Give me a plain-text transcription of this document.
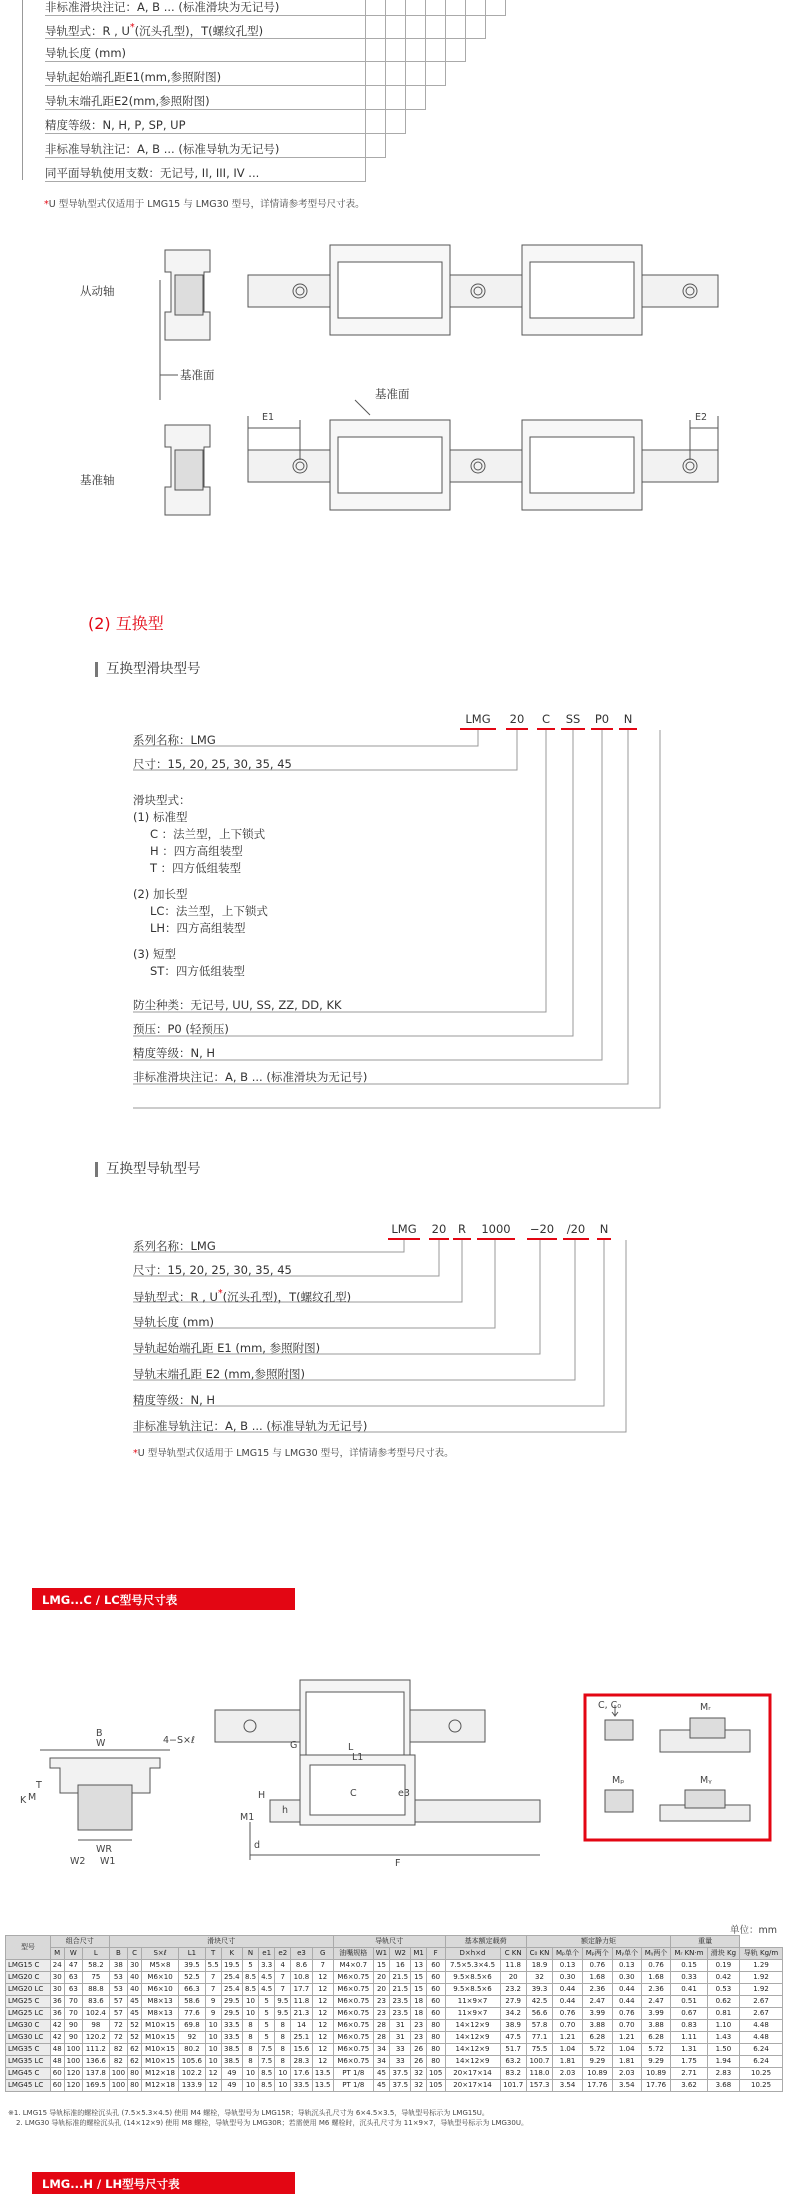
非标准滑块注记：A, B ... (标准滑块为无记号)
导轨型式：R , U*(沉头孔型)，T(螺纹孔型)
导轨长度 (mm)
导轨起始端孔距E1(mm,参照附图)
导轨末端孔距E2(mm,参照附图)
精度等级：N, H, P, SP, UP
非标准导轨注记：A, B ... (标准导轨为无记号)
同平面导轨使用支数：无记号, II, III, IV ...
*U 型导轨型式仅适用于 LMG15 与 LMG30 型号，详情请参考型号尺寸表。
从动轴
基准面
基准面
基准轴
E1	E2
(2) 互换型
互换型滑块型号
LMG	20	C	SS	P0	N
系列名称：LMG
尺寸：15, 20, 25, 30, 35, 45
滑块型式：
(1) 标准型
C ：法兰型，上下锁式
H ：四方高组装型
T ：四方低组装型
(2) 加长型
LC：法兰型，上下锁式
LH：四方高组装型
(3) 短型
ST：四方低组装型
防尘种类：无记号, UU, SS, ZZ, DD, KK
预压：P0 (轻预压)
精度等级：N, H
非标准滑块注记：A, B ... (标准滑块为无记号)
互换型导轨型号
LMG	20	R	1000	−20	/20	N
系列名称：LMG
尺寸：15, 20, 25, 30, 35, 45
导轨型式：R , U*(沉头孔型)，T(螺纹孔型)
导轨长度 (mm)
导轨起始端孔距 E1 (mm, 参照附图)
导轨末端孔距 E2 (mm,参照附图)
精度等级：N, H
非标准导轨注记：A, B ... (标准导轨为无记号)
*U 型导轨型式仅适用于 LMG15 与 LMG30 型号，详情请参考型号尺寸表。
LMG...C / LC型号尺寸表
B
W
WR
W2 W1
K
T
M
4−S×ℓ	G	L
L1
C	e3
H
h
M1
d
F
C, C₀	Mᵣ
Mₚ	Mᵧ
单位：mm
型号	组合尺寸			滑块尺寸											导轨尺寸					基本额定载荷		额定静力矩					重量		
	M	W	L	B	C	S×ℓ	L1	T	K	N	e1	e2	e3	G	油嘴规格	W1	W2	M1	F	D×h×d	C KN	C₀ KN	Mₚ单个	Mₚ两个	Mᵧ单个	Mᵧ两个	Mᵣ KN·m	滑块 Kg	导轨 Kg/m
LMG15 C	24	47	58.2	38	30	M5×8	39.5	5.5	19.5	5	3.3	4	8.6	7	M4×0.7	15	16	13	60	7.5×5.3×4.5	11.8	18.9	0.13	0.76	0.13	0.76	0.15	0.19	1.29
LMG20 C	30	63	75	53	40	M6×10	52.5	7	25.4	8.5	4.5	7	10.8	12	M6×0.75	20	21.5	15	60	9.5×8.5×6	20	32	0.30	1.68	0.30	1.68	0.33	0.42	1.92
LMG20 LC	30	63	88.8	53	40	M6×10	66.3	7	25.4	8.5	4.5	7	17.7	12	M6×0.75	20	21.5	15	60	9.5×8.5×6	23.2	39.3	0.44	2.36	0.44	2.36	0.41	0.53	1.92
LMG25 C	36	70	83.6	57	45	M8×13	58.6	9	29.5	10	5	9.5	11.8	12	M6×0.75	23	23.5	18	60	11×9×7	27.9	42.5	0.44	2.47	0.44	2.47	0.51	0.62	2.67
LMG25 LC	36	70	102.4	57	45	M8×13	77.6	9	29.5	10	5	9.5	21.3	12	M6×0.75	23	23.5	18	60	11×9×7	34.2	56.6	0.76	3.99	0.76	3.99	0.67	0.81	2.67
LMG30 C	42	90	98	72	52	M10×15	69.8	10	33.5	8	5	8	14	12	M6×0.75	28	31	23	80	14×12×9	38.9	57.8	0.70	3.88	0.70	3.88	0.83	1.10	4.48
LMG30 LC	42	90	120.2	72	52	M10×15	92	10	33.5	8	5	8	25.1	12	M6×0.75	28	31	23	80	14×12×9	47.5	77.1	1.21	6.28	1.21	6.28	1.11	1.43	4.48
LMG35 C	48	100	111.2	82	62	M10×15	80.2	10	38.5	8	7.5	8	15.6	12	M6×0.75	34	33	26	80	14×12×9	51.7	75.5	1.04	5.72	1.04	5.72	1.31	1.50	6.24
LMG35 LC	48	100	136.6	82	62	M10×15	105.6	10	38.5	8	7.5	8	28.3	12	M6×0.75	34	33	26	80	14×12×9	63.2	100.7	1.81	9.29	1.81	9.29	1.75	1.94	6.24
LMG45 C	60	120	137.8	100	80	M12×18	102.2	12	49	10	8.5	10	17.6	13.5	PT 1/8	45	37.5	32	105	20×17×14	83.2	118.0	2.03	10.89	2.03	10.89	2.71	2.83	10.25
LMG45 LC	60	120	169.5	100	80	M12×18	133.9	12	49	10	8.5	10	33.5	13.5	PT 1/8	45	37.5	32	105	20×17×14	101.7	157.3	3.54	17.76	3.54	17.76	3.62	3.68	10.25
※1. LMG15 导轨标准的螺栓沉头孔 (7.5×5.3×4.5) 使用 M4 螺栓，导轨型号为 LMG15R；导轨沉头孔尺寸为 6×4.5×3.5，导轨型号标示为 LMG15U。
2. LMG30 导轨标准的螺栓沉头孔 (14×12×9) 使用 M8 螺栓，导轨型号为 LMG30R；若需使用 M6 螺栓时，沉头孔尺寸为 11×9×7，导轨型号标示为 LMG30U。
LMG...H / LH型号尺寸表
